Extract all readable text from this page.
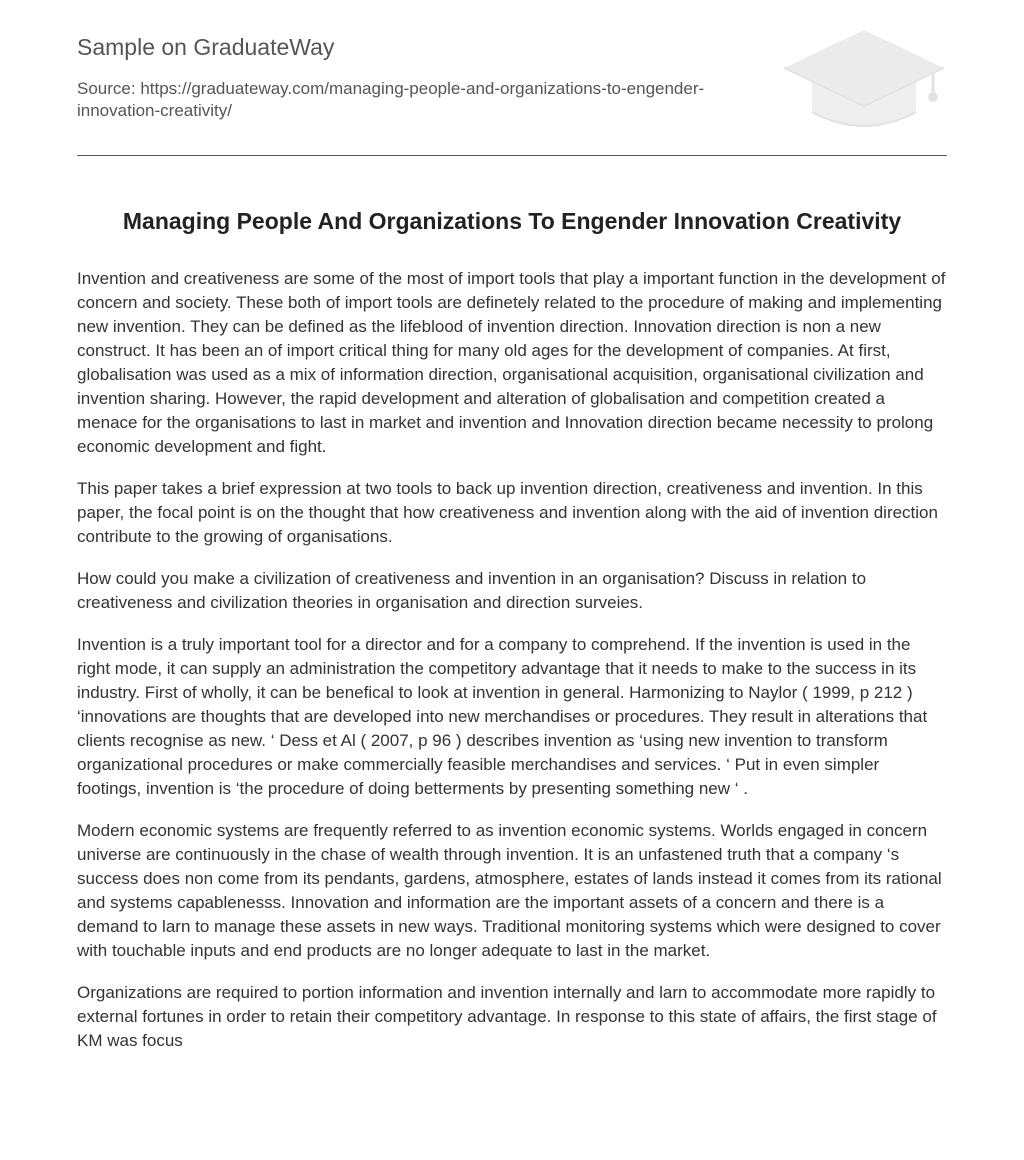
Sample on GraduateWay
Source: https://graduateway.com/managing-people-and-organizations-to-engender-innovation-creativity/
Managing People And Organizations To Engender Innovation Creativity

Invention and creativeness are some of the most of import tools that play a important function in the development of concern and society. These both of import tools are definetely related to the procedure of making and implementing new invention. They can be defined as the lifeblood of invention direction. Innovation direction is non a new construct. It has been an of import critical thing for many old ages for the development of companies. At first, globalisation was used as a mix of information direction, organisational acquisition, organisational civilization and invention sharing. However, the rapid development and alteration of globalisation and competition created a menace for the organisations to last in market and invention and Innovation direction became necessity to prolong economic development and fight.

This paper takes a brief expression at two tools to back up invention direction, creativeness and invention. In this paper, the focal point is on the thought that how creativeness and invention along with the aid of invention direction contribute to the growing of organisations.

How could you make a civilization of creativeness and invention in an organisation? Discuss in relation to creativeness and civilization theories in organisation and direction surveies.

Invention is a truly important tool for a director and for a company to comprehend. If the invention is used in the right mode, it can supply an administration the competitory advantage that it needs to make to the success in its industry. First of wholly, it can be benefical to look at invention in general. Harmonizing to Naylor ( 1999, p 212 ) ‘innovations are thoughts that are developed into new merchandises or procedures. They result in alterations that clients recognise as new. ‘ Dess et Al ( 2007, p 96 ) describes invention as ‘using new invention to transform organizational procedures or make commercially feasible merchandises and services. ‘ Put in even simpler footings, invention is ‘the procedure of doing betterments by presenting something new ‘ .

Modern economic systems are frequently referred to as invention economic systems. Worlds engaged in concern universe are continuously in the chase of wealth through invention. It is an unfastened truth that a company ‘s success does non come from its pendants, gardens, atmosphere, estates of lands instead it comes from its rational and systems capablenesss. Innovation and information are the important assets of a concern and there is a demand to larn to manage these assets in new ways. Traditional monitoring systems which were designed to cover with touchable inputs and end products are no longer adequate to last in the market.

Organizations are required to portion information and invention internally and larn to accommodate more rapidly to external fortunes in order to retain their competitory advantage. In response to this state of affairs, the first stage of KM was focus
